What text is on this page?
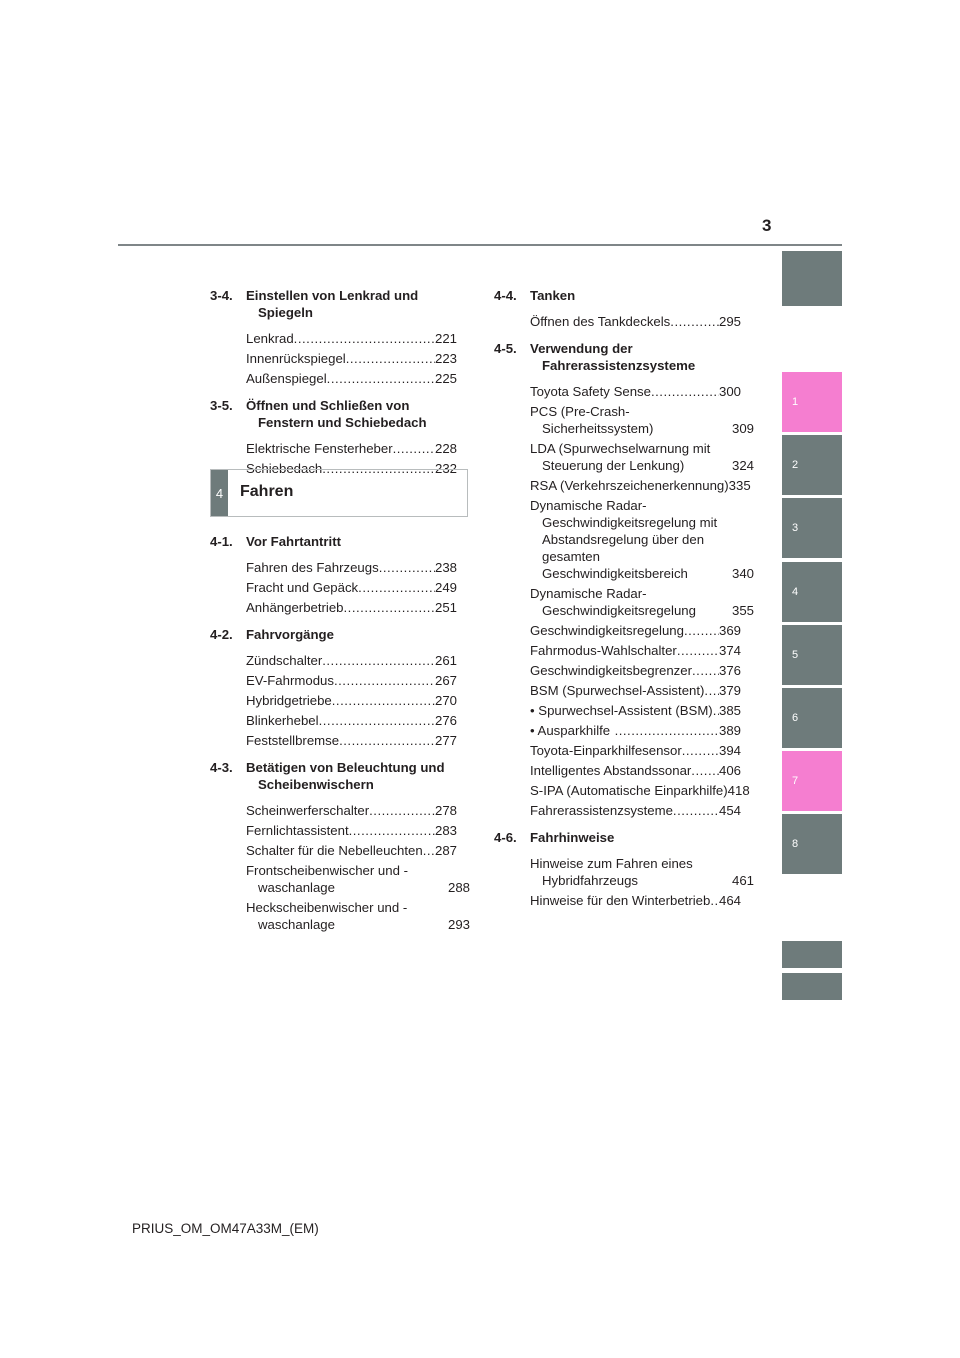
3
1
2
3
4
5
6
7
8
3-4.	Einstellen von Lenkrad und Spiegeln
Lenkrad .....	221
Innenrückspiegel .....	223
Außenspiegel .....	225
3-5.	Öffnen und Schließen von Fenstern und Schiebedach
Elektrische Fensterheber .....	228
Schiebedach .....	232
4	Fahren
4-1.	Vor Fahrtantritt
Fahren des Fahrzeugs .....	238
Fracht und Gepäck .....	249
Anhängerbetrieb .....	251
4-2.	Fahrvorgänge
Zündschalter .....	261
EV-Fahrmodus .....	267
Hybridgetriebe .....	270
Blinkerhebel .....	276
Feststellbremse .....	277
4-3.	Betätigen von Beleuchtung und Scheibenwischern
Scheinwerferschalter .....	278
Fernlichtassistent .....	283
Schalter für die Nebelleuchten ..... 287
Frontscheibenwischer und -waschanlage	288
Heckscheibenwischer und -waschanlage	293
4-4.	Tanken
Öffnen des Tankdeckels .....	295
4-5.	Verwendung der Fahrerassistenzsysteme
Toyota Safety Sense .....	300
PCS (Pre-Crash-Sicherheitssystem)	309
LDA (Spurwechselwarnung mit Steuerung der Lenkung)	324
RSA (Verkehrszeichenerkennung) 335
Dynamische Radar-Geschwindigkeitsregelung mit Abstandsregelung über den gesamten Geschwindigkeitsbereich	340
Dynamische Radar-Geschwindigkeitsregelung	355
Geschwindigkeitsregelung .....	369
Fahrmodus-Wahlschalter .....	374
Geschwindigkeitsbegrenzer ..... 376
BSM (Spurwechsel-Assistent) ..... 379
• Spurwechsel-Assistent (BSM) ..... 385
• Ausparkhilfe .....	389
Toyota-Einparkhilfesensor .....	394
Intelligentes Abstandssonar ..... 406
S-IPA (Automatische Einparkhilfe) 418
Fahrerassistenzsysteme .....	454
4-6.	Fahrhinweise
Hinweise zum Fahren eines Hybridfahrzeugs	461
Hinweise für den Winterbetrieb ..... 464
PRIUS_OM_OM47A33M_(EM)
